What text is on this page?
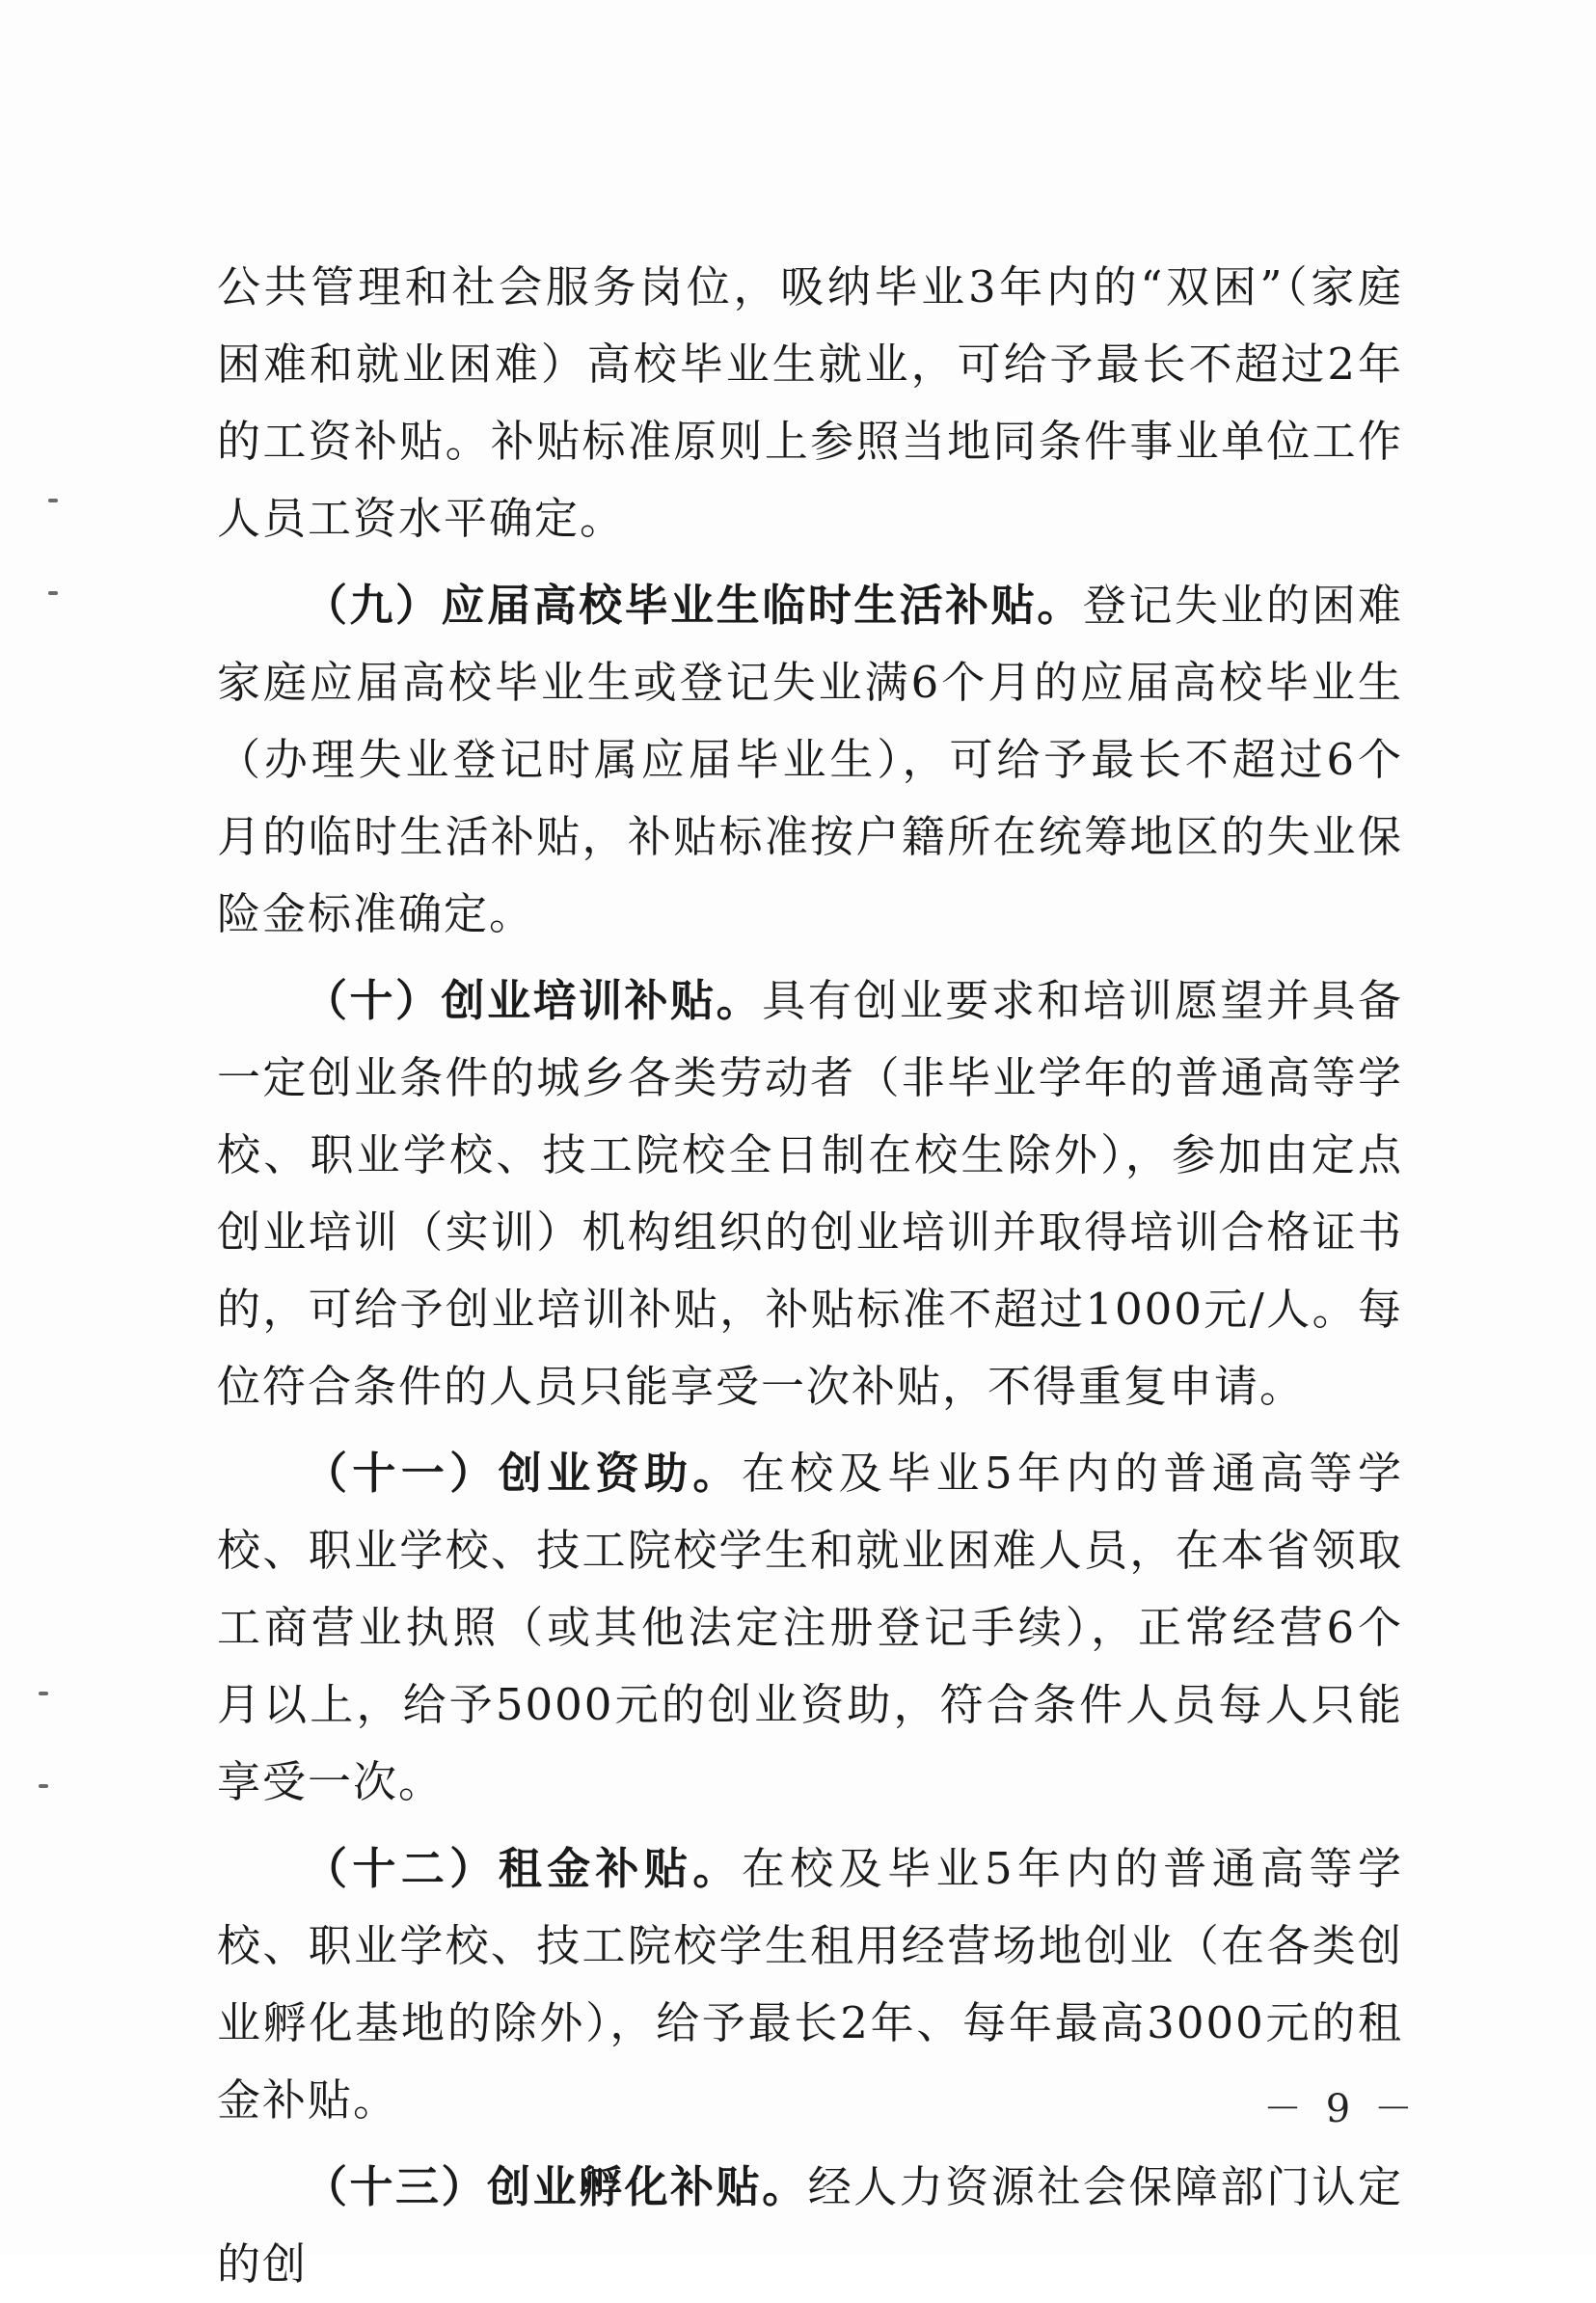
公共管理和社会服务岗位，吸纳毕业3年内的“双困”（家庭困难和就业困难）高校毕业生就业，可给予最长不超过2年的工资补贴。补贴标准原则上参照当地同条件事业单位工作人员工资水平确定。

（九）应届高校毕业生临时生活补贴。登记失业的困难家庭应届高校毕业生或登记失业满6个月的应届高校毕业生（办理失业登记时属应届毕业生），可给予最长不超过6个月的临时生活补贴，补贴标准按户籍所在统筹地区的失业保险金标准确定。

（十）创业培训补贴。具有创业要求和培训愿望并具备一定创业条件的城乡各类劳动者（非毕业学年的普通高等学校、职业学校、技工院校全日制在校生除外），参加由定点创业培训（实训）机构组织的创业培训并取得培训合格证书的，可给予创业培训补贴，补贴标准不超过1000元/人。每位符合条件的人员只能享受一次补贴，不得重复申请。

（十一）创业资助。在校及毕业5年内的普通高等学校、职业学校、技工院校学生和就业困难人员，在本省领取工商营业执照（或其他法定注册登记手续），正常经营6个月以上，给予5000元的创业资助，符合条件人员每人只能享受一次。

（十二）租金补贴。在校及毕业5年内的普通高等学校、职业学校、技工院校学生租用经营场地创业（在各类创业孵化基地的除外），给予最长2年、每年最高3000元的租金补贴。

（十三）创业孵化补贴。经人力资源社会保障部门认定的创

－ 9 －
